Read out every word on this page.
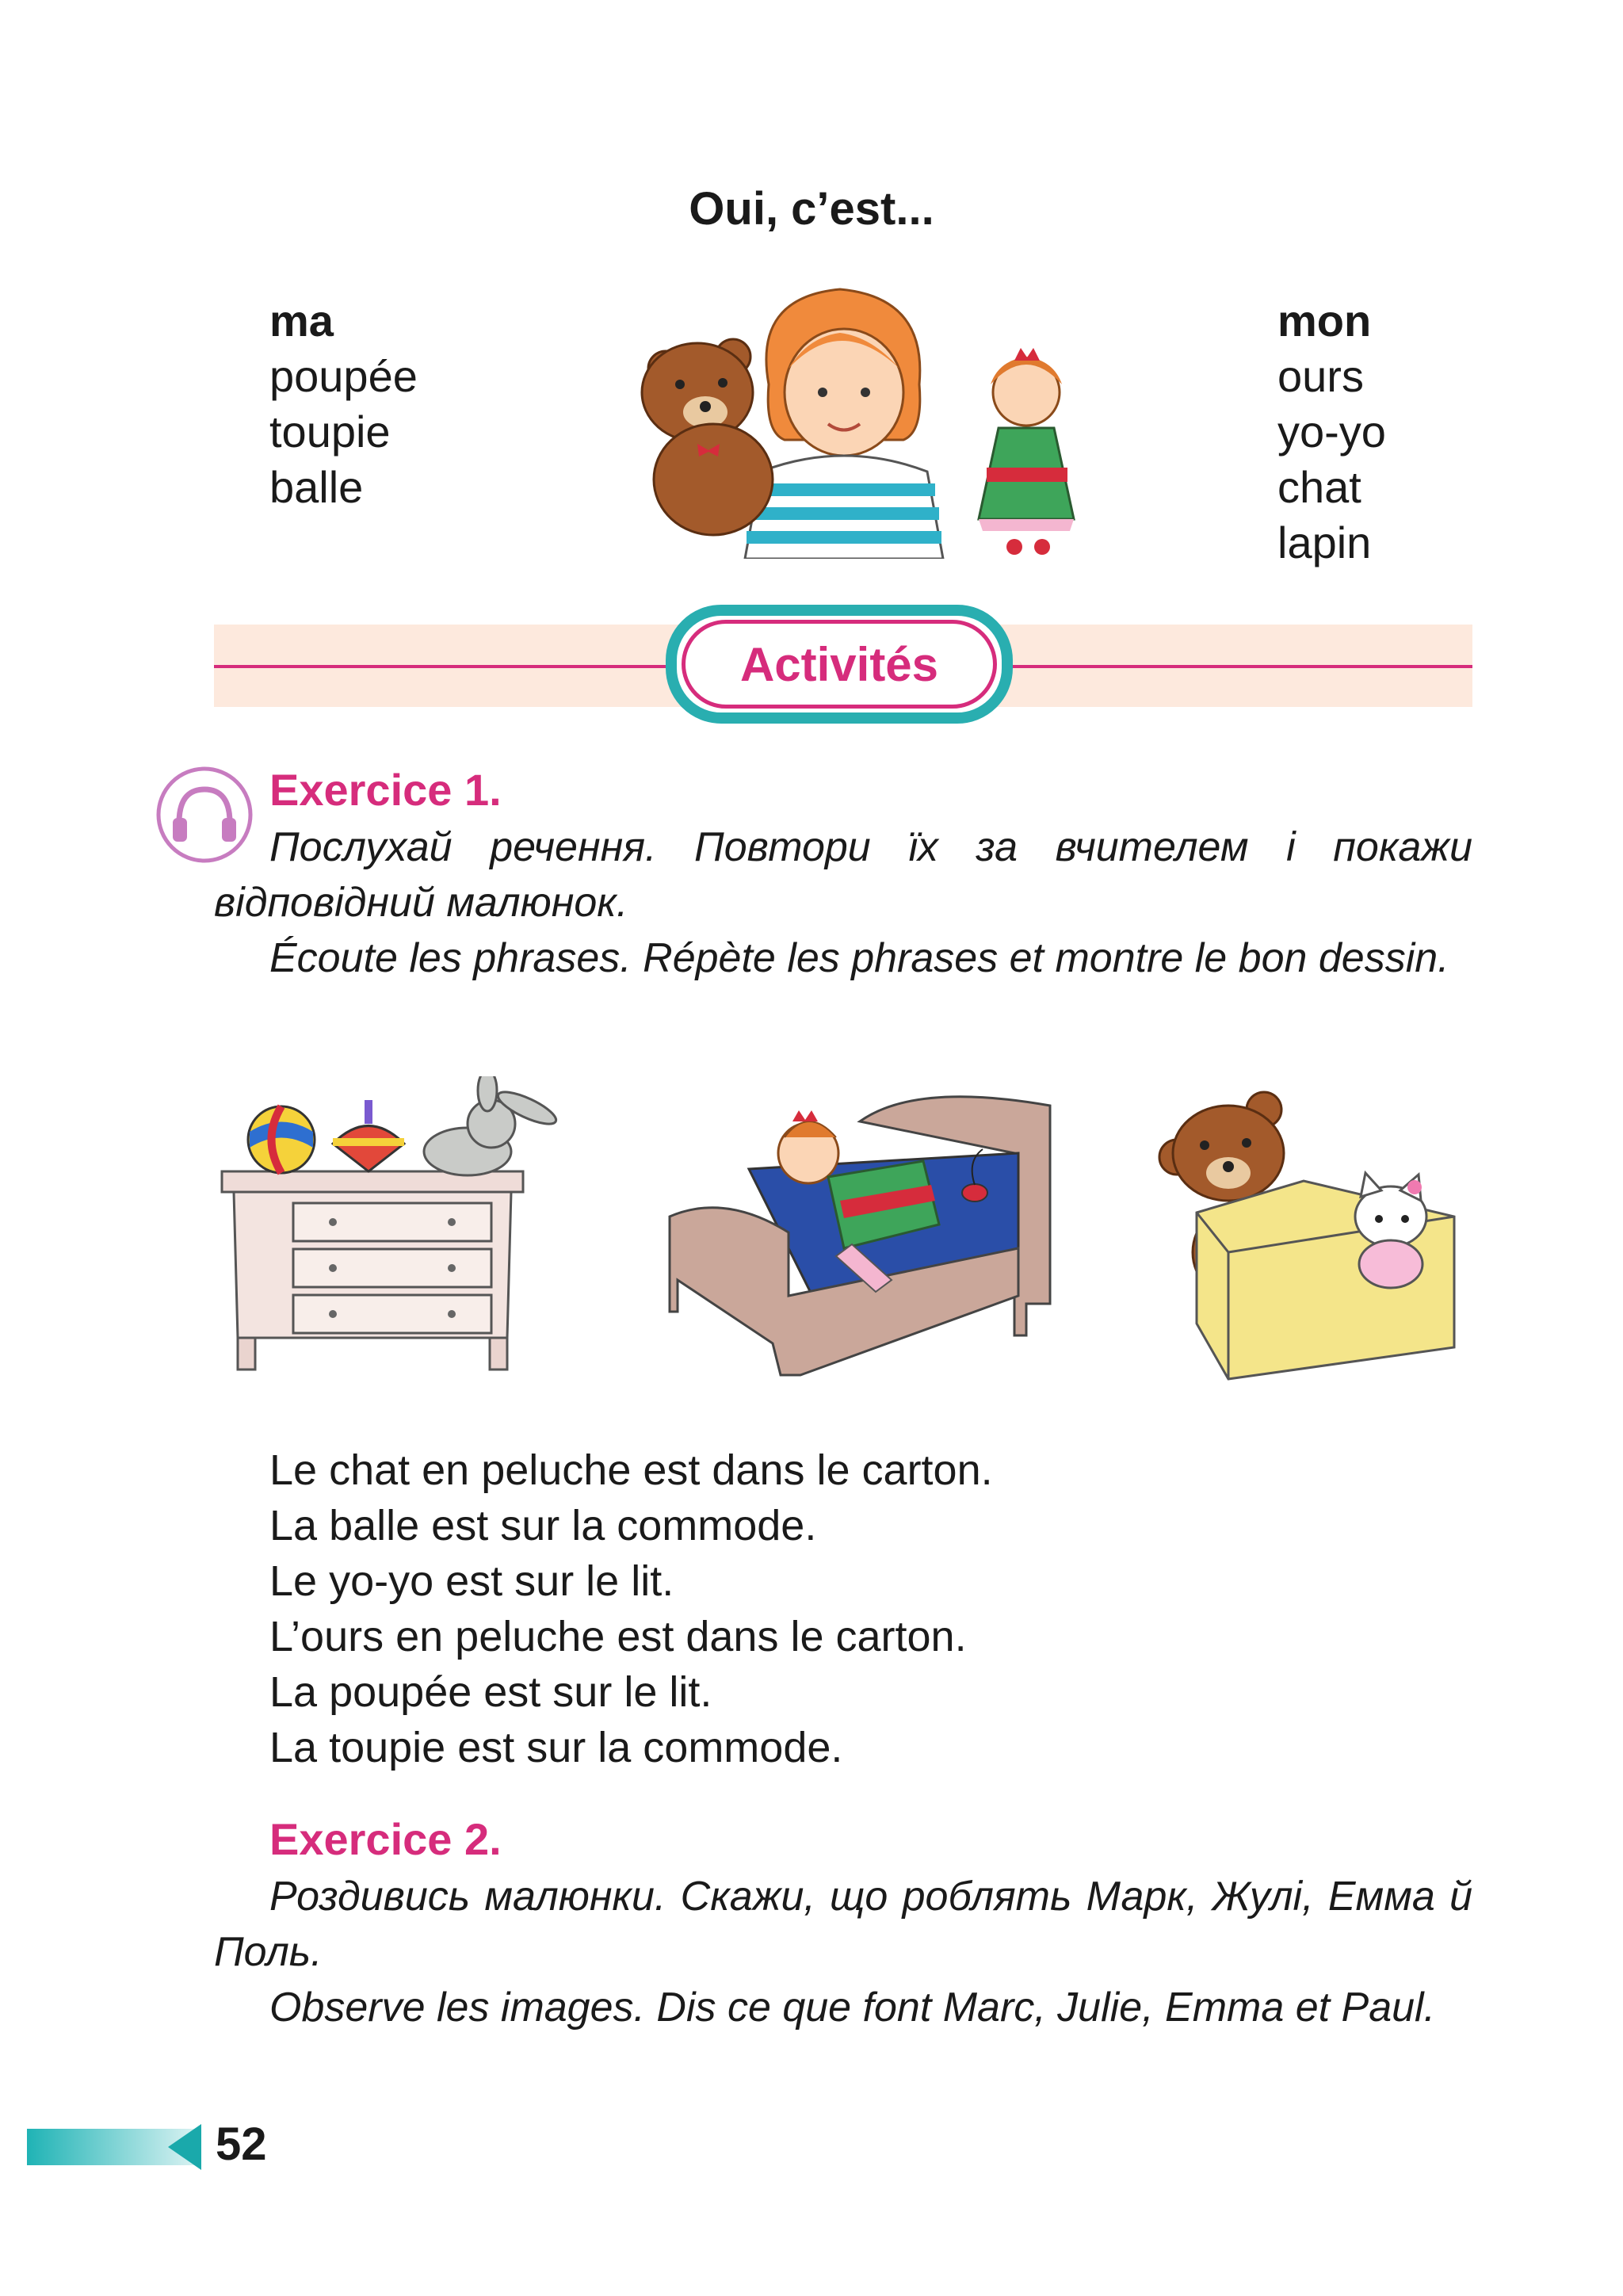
Oui, c’est...
ma
poupée
toupie
balle
mon
ours
yo-yo
chat
lapin
Activités
Exercice 1.
Послухай речення. Повтори їх за вчителем і покажи відповідний малюнок.
Écoute les phrases. Répète les phrases et montre le bon dessin.
Le chat en peluche est dans le carton.
La balle est sur la commode.
Le yo-yo est sur le lit.
L’ours en peluche est dans le carton.
La poupée est sur le lit.
La toupie est sur la commode.
Exercice 2.
Роздивись малюнки. Скажи, що роблять Марк, Жулі, Емма й Поль.
Observe les images. Dis ce que font Marc, Julie, Emma et Paul.
52
